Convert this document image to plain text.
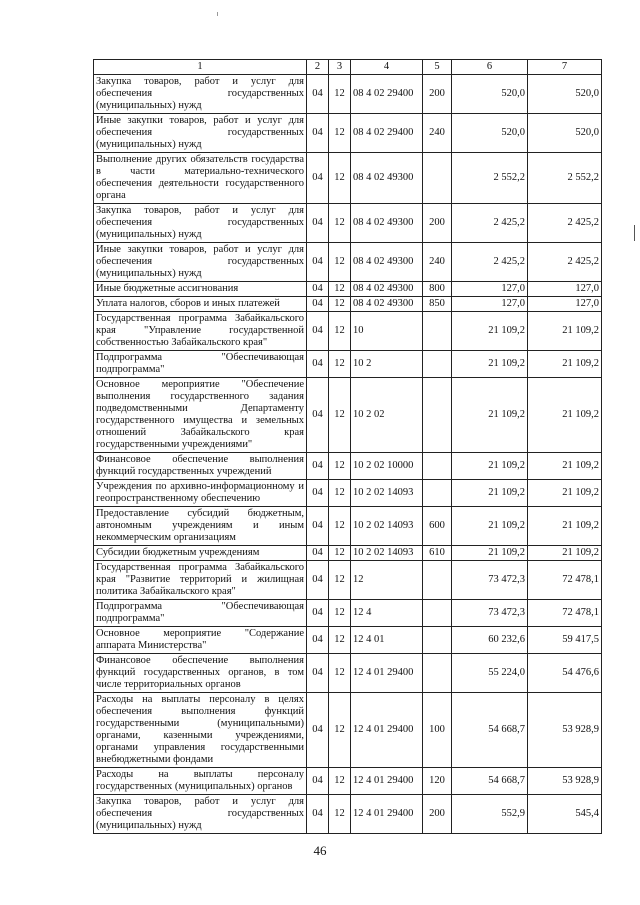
1	2	3	4	5	6	7
Закупка товаров, работ и услуг для обеспечения государственных (муниципальных) нужд	04	12	08 4 02 29400	200	520,0	520,0
Иные закупки товаров, работ и услуг для обеспечения государственных (муниципальных) нужд	04	12	08 4 02 29400	240	520,0	520,0
Выполнение других обязательств государства в части материально-технического обеспечения деятельности государственного органа	04	12	08 4 02 49300		2 552,2	2 552,2
Закупка товаров, работ и услуг для обеспечения государственных (муниципальных) нужд	04	12	08 4 02 49300	200	2 425,2	2 425,2
Иные закупки товаров, работ и услуг для обеспечения государственных (муниципальных) нужд	04	12	08 4 02 49300	240	2 425,2	2 425,2
Иные бюджетные ассигнования	04	12	08 4 02 49300	800	127,0	127,0
Уплата налогов, сборов и иных платежей	04	12	08 4 02 49300	850	127,0	127,0
Государственная программа Забайкальского края "Управление государственной собственностью Забайкальского края"	04	12	10		21 109,2	21 109,2
Подпрограмма "Обеспечивающая подпрограмма"	04	12	10 2		21 109,2	21 109,2
Основное мероприятие "Обеспечение выполнения государственного задания подведомственными Департаменту государственного имущества и земельных отношений Забайкальского края государственными учреждениями"	04	12	10 2 02		21 109,2	21 109,2
Финансовое обеспечение выполнения функций государственных учреждений	04	12	10 2 02 10000		21 109,2	21 109,2
Учреждения по архивно-информационному и геопространственному обеспечению	04	12	10 2 02 14093		21 109,2	21 109,2
Предоставление субсидий бюджетным, автономным учреждениям и иным некоммерческим организациям	04	12	10 2 02 14093	600	21 109,2	21 109,2
Субсидии бюджетным учреждениям	04	12	10 2 02 14093	610	21 109,2	21 109,2
Государственная программа Забайкальского края "Развитие территорий и жилищная политика Забайкальского края"	04	12	12		73 472,3	72 478,1
Подпрограмма "Обеспечивающая подпрограмма"	04	12	12 4		73 472,3	72 478,1
Основное мероприятие "Содержание аппарата Министерства"	04	12	12 4 01		60 232,6	59 417,5
Финансовое обеспечение выполнения функций государственных органов, в том числе территориальных органов	04	12	12 4 01 29400		55 224,0	54 476,6
Расходы на выплаты персоналу в целях обеспечения выполнения функций государственными (муниципальными) органами, казенными учреждениями, органами управления государственными внебюджетными фондами	04	12	12 4 01 29400	100	54 668,7	53 928,9
Расходы на выплаты персоналу государственных (муниципальных) органов	04	12	12 4 01 29400	120	54 668,7	53 928,9
Закупка товаров, работ и услуг для обеспечения государственных (муниципальных) нужд	04	12	12 4 01 29400	200	552,9	545,4
46
